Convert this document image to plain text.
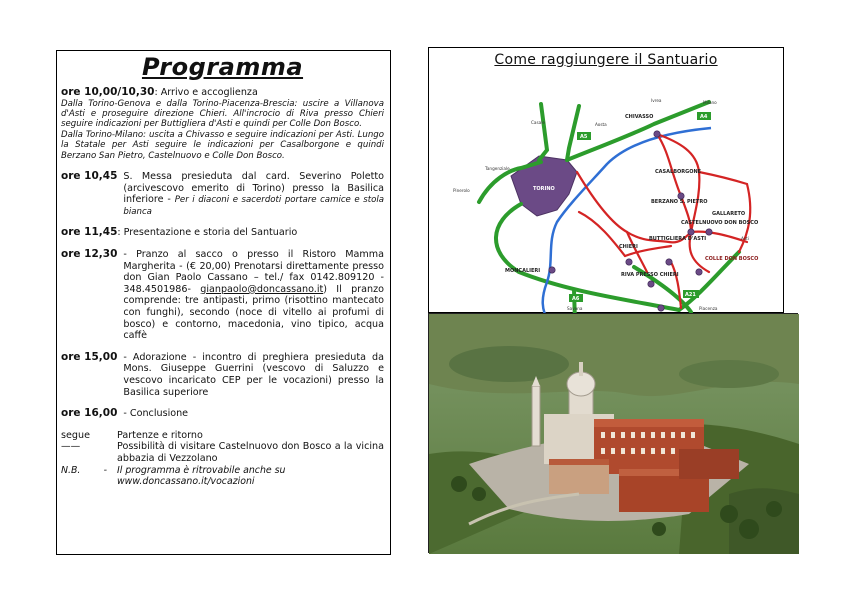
Programma
ore 10,00/10,30: Arrivo e accoglienza
Dalla Torino-Genova e dalla Torino-Piacenza-Brescia: uscire a Villanova d'Asti e proseguire direzione Chieri. All'incrocio di Riva presso Chieri seguire indicazioni per Buttigliera d'Asti e quindi per Colle Don Bosco.
Dalla Torino-Milano: uscita a Chivasso e seguire indicazioni per Asti. Lungo la Statale per Asti seguire le indicazioni per Casalborgone e quindi Berzano San Pietro, Castelnuovo e Colle Don Bosco.
ore 10,45 S. Messa presieduta dal card. Severino Poletto (arcivescovo emerito di Torino) presso la Basilica inferiore - Per i diaconi e sacerdoti portare camice e stola bianca
ore 11,45 : Presentazione e storia del Santuario
ore 12,30 - Pranzo al sacco o presso il Ristoro Mamma Margherita - (€ 20,00) Prenotarsi direttamente presso don Gian Paolo Cassano – tel./ fax 0142.809120 - 348.4501986- gianpaolo@doncassano.it) Il pranzo comprende: tre antipasti, primo (risottino mantecato con funghi), secondo (noce di vitello ai profumi di bosco) e contorno, macedonia, vino tipico, acqua caffè
ore 15,00 - Adorazione - incontro di preghiera presieduta da Mons. Giuseppe Guerrini (vescovo di Saluzzo e vescovo incaricato CEP per le vocazioni) presso la Basilica superiore
ore 16,00 - Conclusione
segue	Partenze e ritorno
——	Possibilità di visitare Castelnuovo don Bosco a la vicina abbazia di Vezzolano
N.B. - Il programma è ritrovabile anche su
www.doncassano.it/vocazioni
Come raggiungere il Santuario
A5
A4
A6
A21
CHIVASSO
TORINO
CASALBORGONE
BERZANO S. PIETRO
CASTELNUOVO DON BOSCO
GALLARETO
COLLE DON BOSCO
BUTTIGLIERA D'ASTI
CHIERI
MONCALIERI
RIVA PRESSO CHIERI
Ivrea	Milano
Aosta
Casale
Tangenziale
Pinerolo
Asti
Savona	Piacenza
